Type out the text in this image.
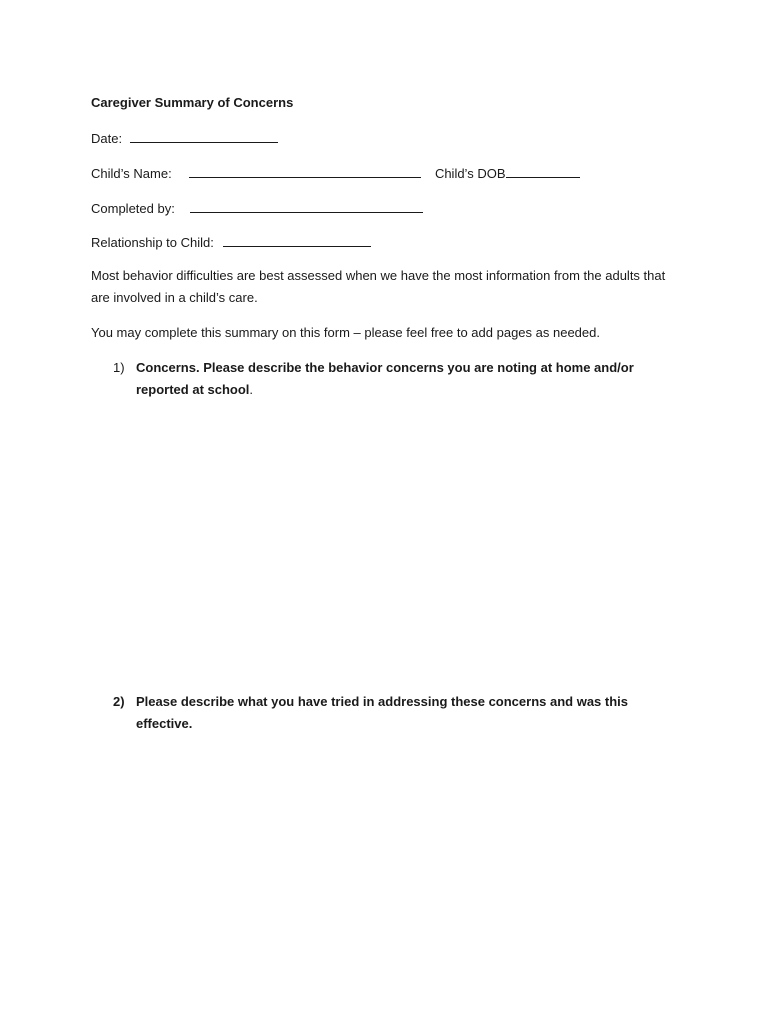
Caregiver Summary of Concerns
Date:
Child’s Name:	Child’s DOB
Completed by:
Relationship to Child:
Most behavior difficulties are best assessed when we have the most information from the adults that are involved in a child’s care.
You may complete this summary on this form – please feel free to add pages as needed.
1) Concerns. Please describe the behavior concerns you are noting at home and/or reported at school.
2) Please describe what you have tried in addressing these concerns and was this effective.
